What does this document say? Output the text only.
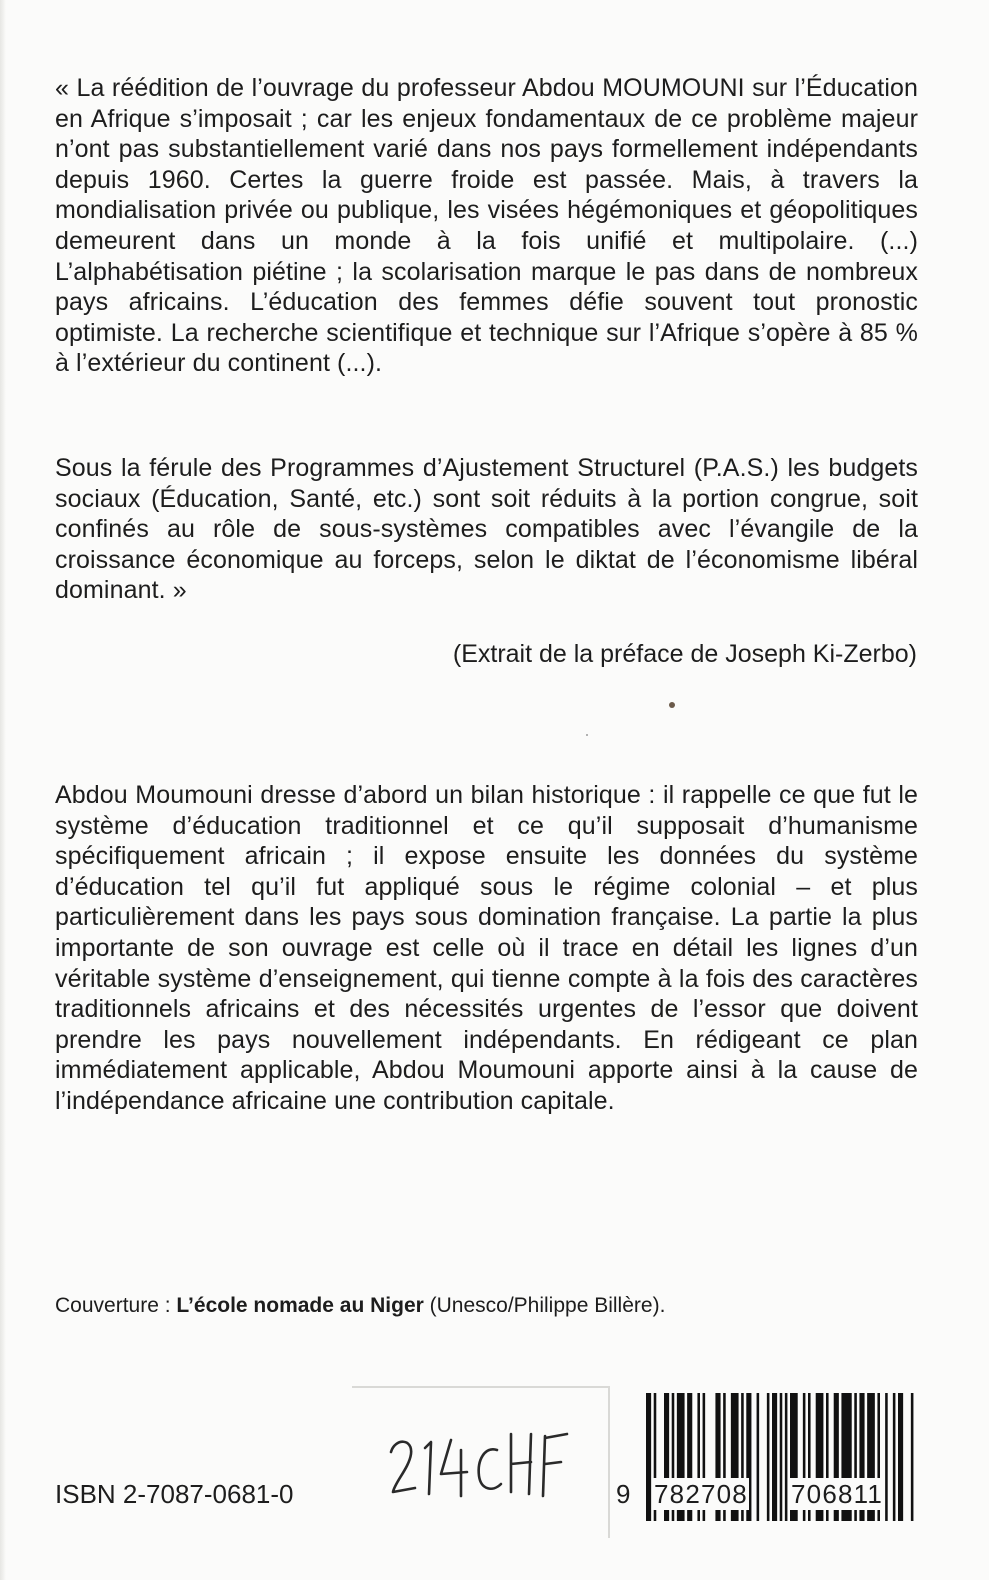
« La réédition de l’ouvrage du professeur Abdou MOUMOUNI sur l’Éducation en Afrique s’imposait ; car les enjeux fondamentaux de ce problème majeur n’ont pas substantiellement varié dans nos pays formellement indépendants depuis 1960. Certes la guerre froide est passée. Mais, à travers la mondialisation privée ou publique, les visées hégémoniques et géopolitiques demeurent dans un monde à la fois unifié et multipolaire. (...) L’alphabétisation piétine ; la scolarisation marque le pas dans de nombreux pays africains. L’éducation des femmes défie souvent tout pronostic optimiste. La recherche scientifique et technique sur l’Afrique s’opère à 85 % à l’extérieur du continent (...).

Sous la férule des Programmes d’Ajustement Structurel (P.A.S.) les budgets sociaux (Éducation, Santé, etc.) sont soit réduits à la portion congrue, soit confinés au rôle de sous-systèmes compatibles avec l’évangile de la croissance économique au forceps, selon le diktat de l’économisme libéral dominant. »

(Extrait de la préface de Joseph Ki-Zerbo)

Abdou Moumouni dresse d’abord un bilan historique : il rappelle ce que fut le système d’éducation traditionnel et ce qu’il supposait d’humanisme spécifiquement africain ; il expose ensuite les données du système d’éducation tel qu’il fut appliqué sous le régime colonial – et plus particulièrement dans les pays sous domination française. La partie la plus importante de son ouvrage est celle où il trace en détail les lignes d’un véritable système d’enseignement, qui tienne compte à la fois des caractères traditionnels africains et des nécessités urgentes de l’essor que doivent prendre les pays nouvellement indépendants. En rédigeant ce plan immédiatement applicable, Abdou Moumouni apporte ainsi à la cause de l’indépendance africaine une contribution capitale.

Couverture : L’école nomade au Niger (Unesco/Philippe Billère).
ISBN 2-7087-0681-0	9 782708 706811
